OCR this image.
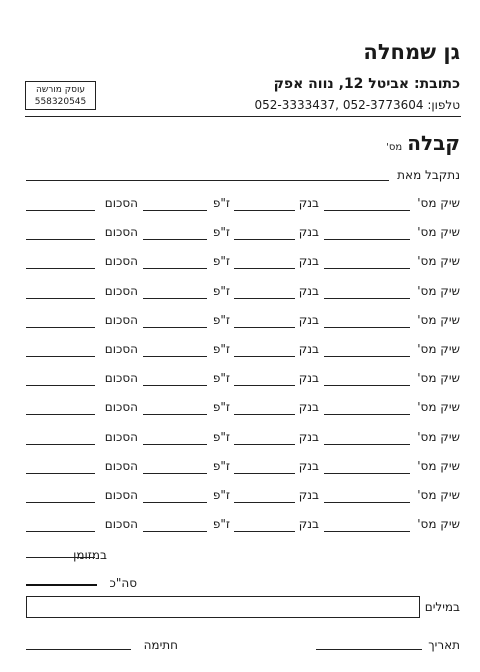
גן שמחלה
כתובת: אביטל 12, נווה אפק
טלפון: 052-3773604 ,052-3333437
עוסק מורשה
558320545
קבלה מס'
נתקבל מאת
שיק מס'
בנק
ז"פ
הסכום
שיק מס'
בנק
ז"פ
הסכום
שיק מס'
בנק
ז"פ
הסכום
שיק מס'
בנק
ז"פ
הסכום
שיק מס'
בנק
ז"פ
הסכום
שיק מס'
בנק
ז"פ
הסכום
שיק מס'
בנק
ז"פ
הסכום
שיק מס'
בנק
ז"פ
הסכום
שיק מס'
בנק
ז"פ
הסכום
שיק מס'
בנק
ז"פ
הסכום
שיק מס'
בנק
ז"פ
הסכום
שיק מס'
בנק
ז"פ
הסכום
במזומן
סה"כ
במילים
תאריך
חתימה
